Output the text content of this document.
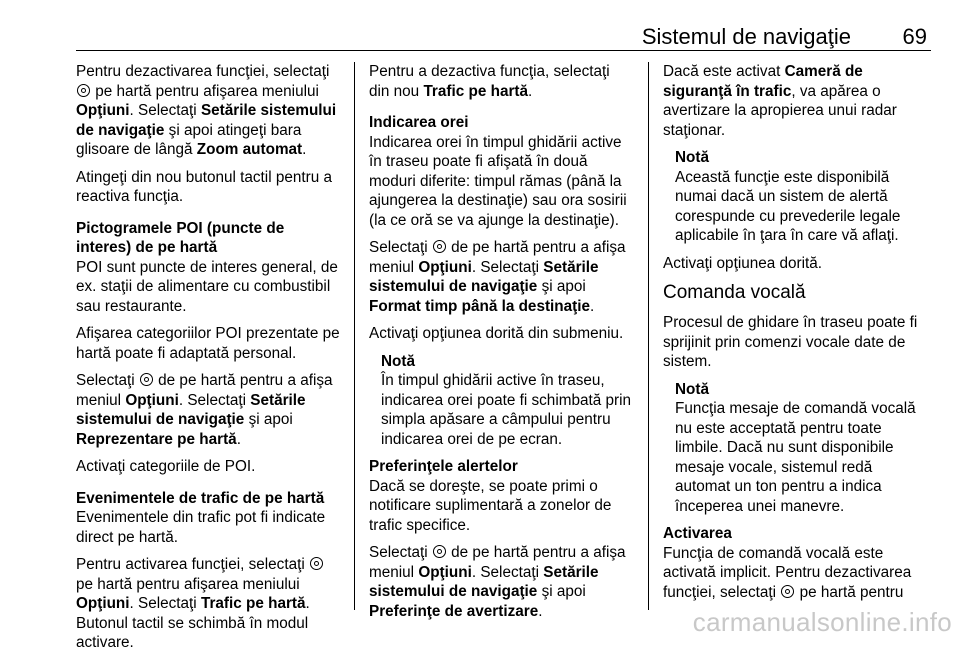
Sistemul de navigaţie 69

Pentru dezactivarea funcţiei, selectaţi  pe hartă pentru afişarea meniului Opţiuni. Selectaţi Setările sistemului de navigaţie şi apoi atingeţi bara glisoare de lângă Zoom automat.

Atingeţi din nou butonul tactil pentru a reactiva funcţia.

Pictogramele POI (puncte de interes) de pe hartă

POI sunt puncte de interes general, de ex. staţii de alimentare cu combustibil sau restaurante.

Afişarea categoriilor POI prezentate pe hartă poate fi adaptată personal.

Selectaţi  de pe hartă pentru a afişa meniul Opţiuni. Selectaţi Setările sistemului de navigaţie şi apoi Reprezentare pe hartă.

Activaţi categoriile de POI.

Evenimentele de trafic de pe hartă

Evenimentele din trafic pot fi indicate direct pe hartă.

Pentru activarea funcţiei, selectaţi  pe hartă pentru afişarea meniului Opţiuni. Selectaţi Trafic pe hartă. Butonul tactil se schimbă în modul activare.

Pentru a dezactiva funcţia, selectaţi din nou Trafic pe hartă.

Indicarea orei

Indicarea orei în timpul ghidării active în traseu poate fi afişată în două moduri diferite: timpul rămas (până la ajungerea la destinaţie) sau ora sosirii (la ce oră se va ajunge la destinaţie).

Selectaţi  de pe hartă pentru a afişa meniul Opţiuni. Selectaţi Setările sistemului de navigaţie şi apoi Format timp până la destinaţie.

Activaţi opţiunea dorită din submeniu.

Notă
În timpul ghidării active în traseu, indicarea orei poate fi schimbată prin simpla apăsare a câmpului pentru indicarea orei de pe ecran.
Preferinţele alertelor

Dacă se doreşte, se poate primi o notificare suplimentară a zonelor de trafic specifice.

Selectaţi  de pe hartă pentru a afişa meniul Opţiuni. Selectaţi Setările sistemului de navigaţie şi apoi Preferinţe de avertizare.

Dacă este activat Cameră de siguranţă în trafic, va apărea o avertizare la apropierea unui radar staţionar.

Notă
Această funcţie este disponibilă numai dacă un sistem de alertă corespunde cu prevederile legale aplicabile în ţara în care vă aflaţi.

Activaţi opţiunea dorită.

Comanda vocală

Procesul de ghidare în traseu poate fi sprijinit prin comenzi vocale date de sistem.

Notă
Funcţia mesaje de comandă vocală nu este acceptată pentru toate limbile. Dacă nu sunt disponibile mesaje vocale, sistemul redă automat un ton pentru a indica începerea unei manevre.
Activarea

Funcţia de comandă vocală este activată implicit. Pentru dezactivarea funcţiei, selectaţi  pe hartă pentru

carmanualsonline.info
